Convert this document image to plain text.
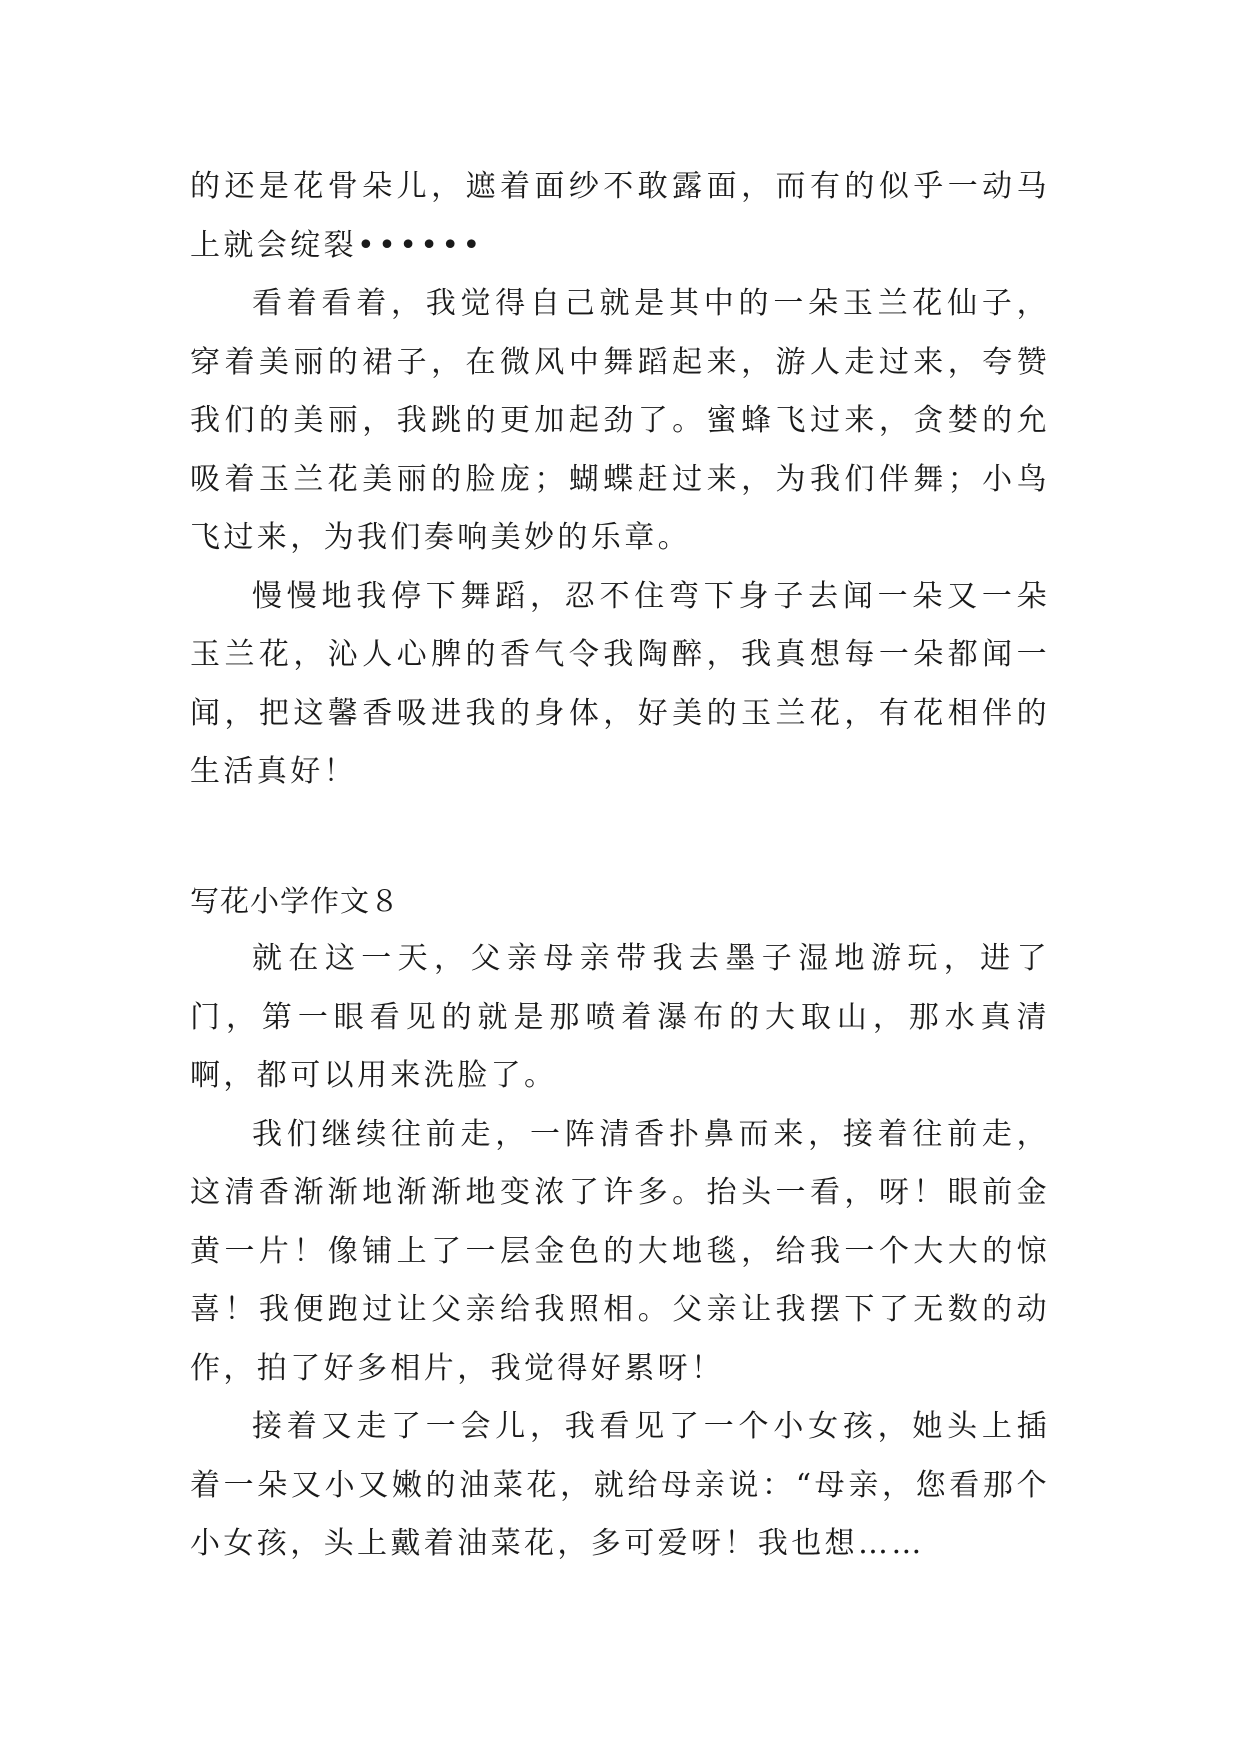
的还是花骨朵儿，遮着面纱不敢露面，而有的似乎一动马上就会绽裂••••••

看着看着，我觉得自己就是其中的一朵玉兰花仙子，穿着美丽的裙子，在微风中舞蹈起来，游人走过来，夸赞我们的美丽，我跳的更加起劲了。蜜蜂飞过来，贪婪的允吸着玉兰花美丽的脸庞；蝴蝶赶过来，为我们伴舞；小鸟飞过来，为我们奏响美妙的乐章。

慢慢地我停下舞蹈，忍不住弯下身子去闻一朵又一朵玉兰花，沁人心脾的香气令我陶醉，我真想每一朵都闻一闻，把这馨香吸进我的身体，好美的玉兰花，有花相伴的生活真好！

写花小学作文８

就在这一天，父亲母亲带我去墨子湿地游玩，进了门，第一眼看见的就是那喷着瀑布的大取山，那水真清啊，都可以用来洗脸了。

我们继续往前走，一阵清香扑鼻而来，接着往前走，这清香渐渐地渐渐地变浓了许多。抬头一看，呀！眼前金黄一片！像铺上了一层金色的大地毯，给我一个大大的惊喜！我便跑过让父亲给我照相。父亲让我摆下了无数的动作，拍了好多相片，我觉得好累呀！

接着又走了一会儿，我看见了一个小女孩，她头上插着一朵又小又嫩的油菜花，就给母亲说：“母亲，您看那个小女孩，头上戴着油菜花，多可爱呀！我也想……
